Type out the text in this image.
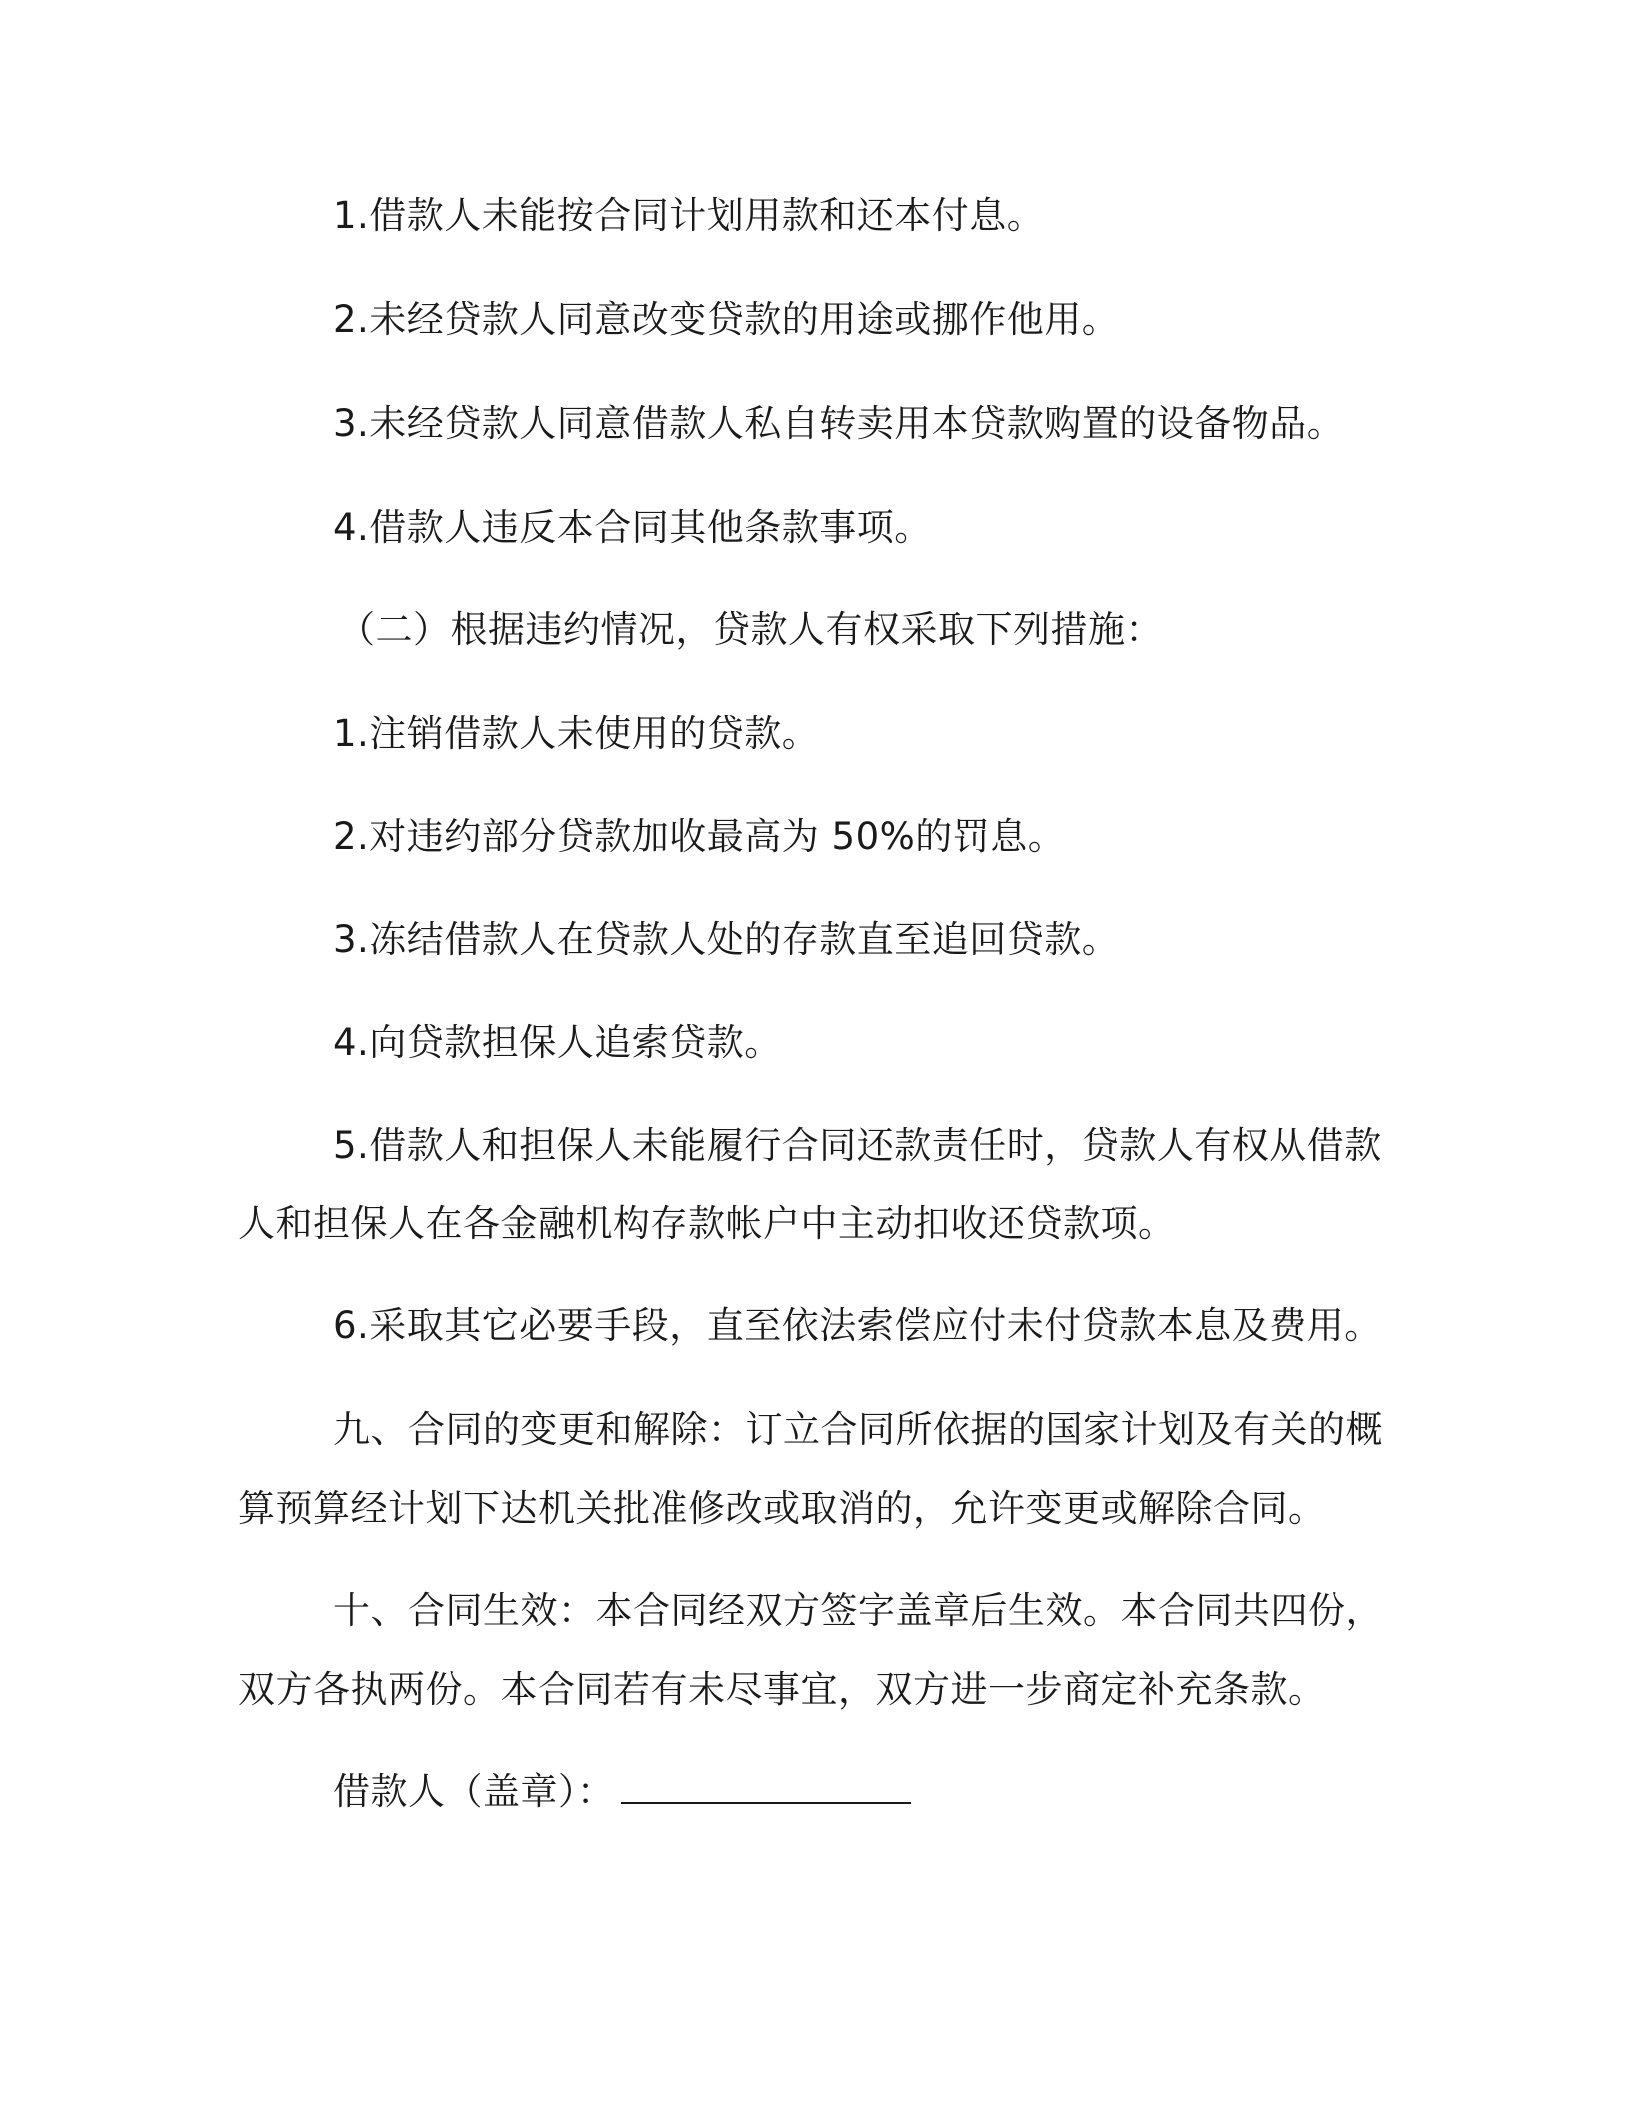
1.借款人未能按合同计划用款和还本付息。

2.未经贷款人同意改变贷款的用途或挪作他用。

3.未经贷款人同意借款人私自转卖用本贷款购置的设备物品。

4.借款人违反本合同其他条款事项。

（二）根据违约情况，贷款人有权采取下列措施：

1.注销借款人未使用的贷款。

2.对违约部分贷款加收最高为 50%的罚息。

3.冻结借款人在贷款人处的存款直至追回贷款。

4.向贷款担保人追索贷款。

5.借款人和担保人未能履行合同还款责任时，贷款人有权从借款

人和担保人在各金融机构存款帐户中主动扣收还贷款项。

6.采取其它必要手段，直至依法索偿应付未付贷款本息及费用。

九、合同的变更和解除：订立合同所依据的国家计划及有关的概

算预算经计划下达机关批准修改或取消的，允许变更或解除合同。

十、合同生效：本合同经双方签字盖章后生效。本合同共四份，

双方各执两份。本合同若有未尽事宜，双方进一步商定补充条款。

借款人（盖章）：
